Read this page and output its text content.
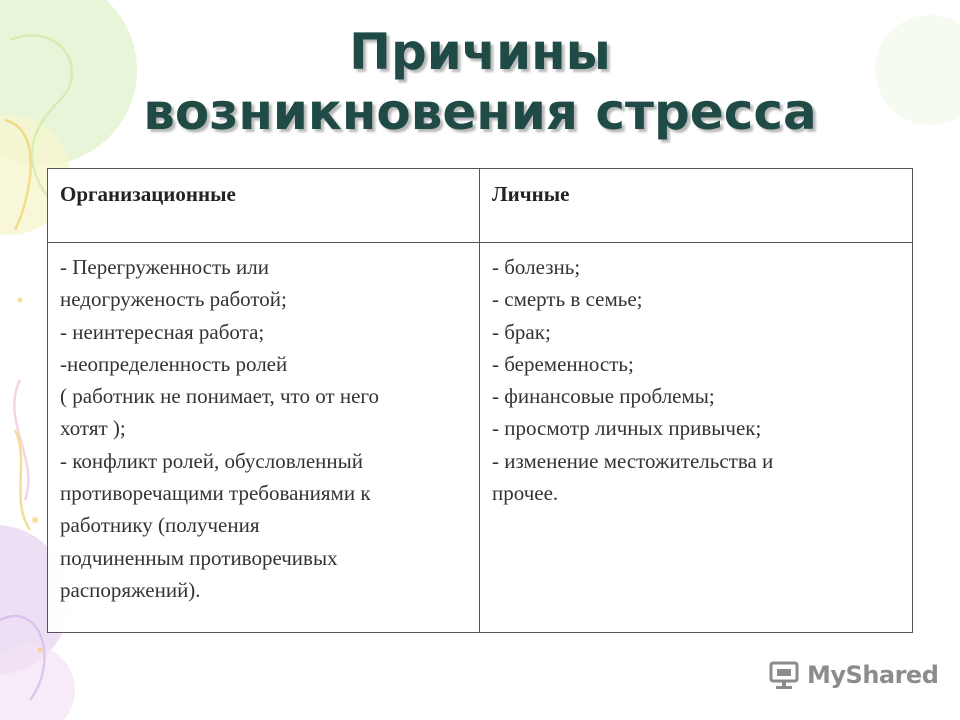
Причины
возникновения стресса
Организационные	Личные
- Перегруженность или
недогруженость работой;
- неинтересная работа;
-неопределенность ролей
( работник не понимает, что от него
хотят );
- конфликт ролей, обусловленный
противоречащими требованиями к
работнику (получения
подчиненным противоречивых
распоряжений).
- болезнь;
- смерть в семье;
- брак;
- беременность;
- финансовые проблемы;
- просмотр личных привычек;
- изменение местожительства и
прочее.
MyShared
